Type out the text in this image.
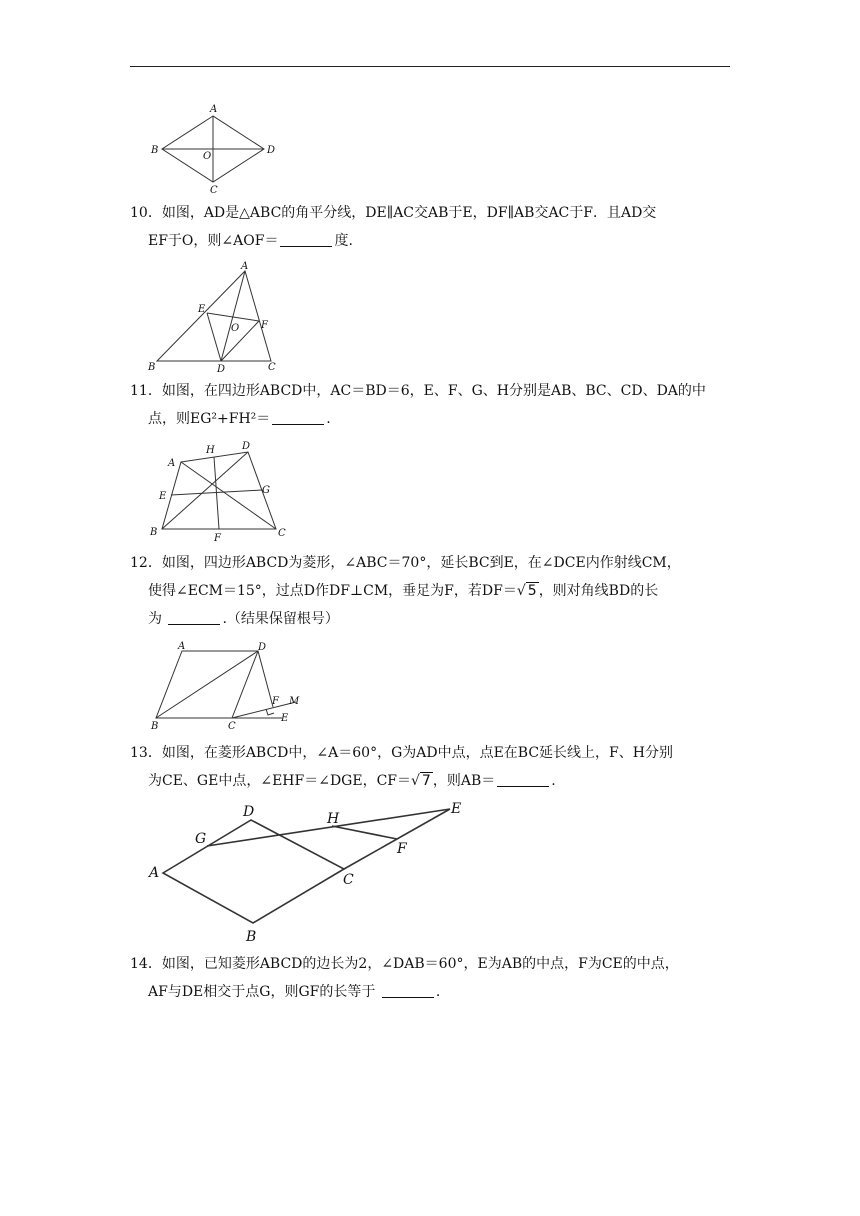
A
B
C
D
O
10．如图，AD是△ABC的角平分线，DE∥AC交AB于E，DF∥AB交AC于F．且AD交
EF于O，则∠AOF＝	度.
A
B	C
D
E
F
O
11．如图，在四边形ABCD中，AC＝BD＝6，E、F、G、H分别是AB、BC、CD、DA的中
点，则EG²+FH²＝	.
A
B	C
D
E
F
G
H
12．如图，四边形ABCD为菱形，∠ABC＝70°，延长BC到E，在∠DCE内作射线CM，
使得∠ECM＝15°，过点D作DF⊥CM，垂足为F，若DF＝√ 5 ，则对角线BD的长
为	.（结果保留根号）
A
B	C
D
E
F M
13．如图，在菱形ABCD中，∠A＝60°，G为AD中点，点E在BC延长线上，F、H分别
为CE、GE中点，∠EHF＝∠DGE，CF＝√ 7 ，则AB＝	.
A
B
C
D	E
F
G
H
14．如图，已知菱形ABCD的边长为2，∠DAB＝60°，E为AB的中点，F为CE的中点，
AF与DE相交于点G，则GF的长等于	.
